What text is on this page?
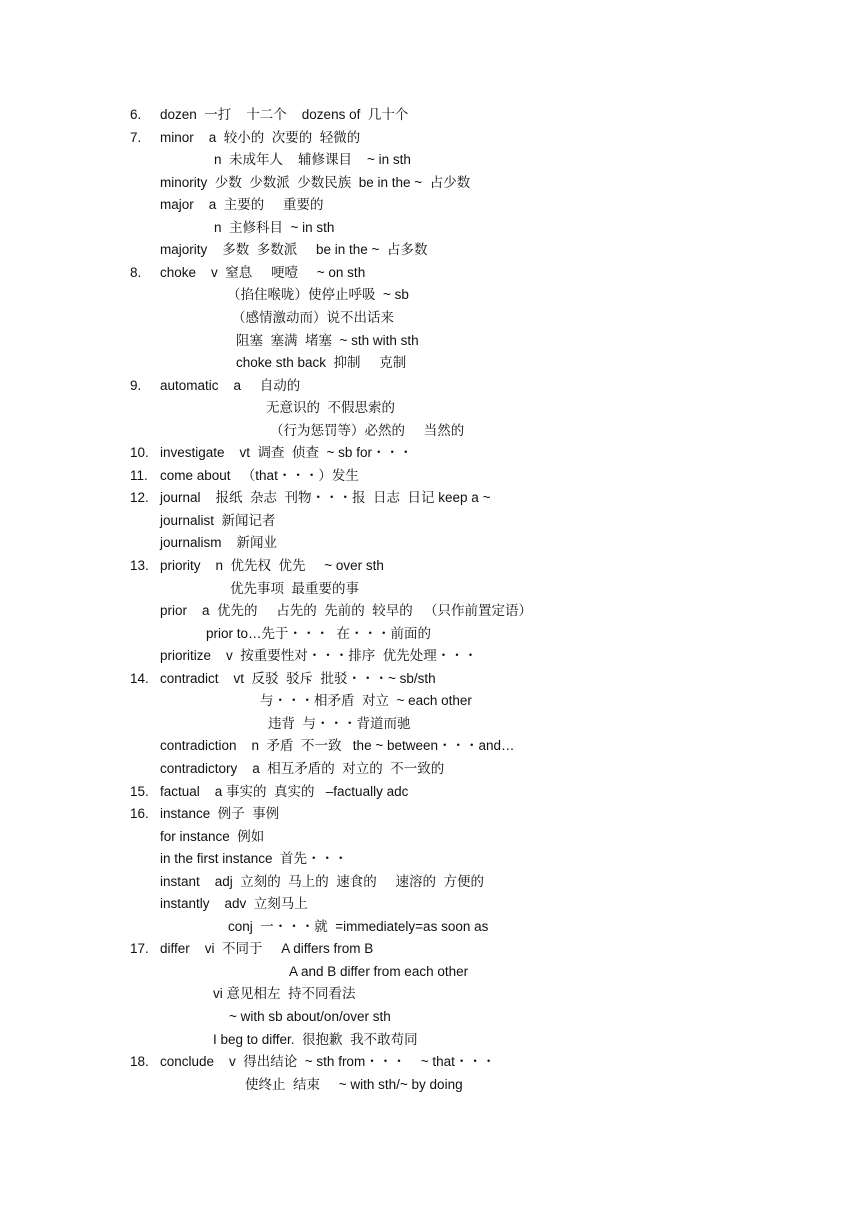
6. dozen  一打    十二个    dozens of  几十个
7. minor    a  较小的  次要的  轻微的
n  未成年人    辅修课目    ~ in sth
minority  少数  少数派  少数民族  be in the ~  占少数
major    a  主要的     重要的
n  主修科目  ~ in sth
majority    多数  多数派     be in the ~  占多数
8. choke    v  窒息     哽噎     ~ on sth
（掐住喉咙）使停止呼吸  ~ sb
（感情激动而）说不出话来
阻塞  塞满  堵塞  ~ sth with sth
choke sth back  抑制     克制
9. automatic    a     自动的
无意识的  不假思索的
（行为惩罚等）必然的     当然的
10. investigate    vt  调查  侦查  ~ sb for・・・
11. come about   （that・・・）发生
12. journal    报纸  杂志  刊物・・・报  日志  日记 keep a ~
journalist  新闻记者
journalism    新闻业
13. priority    n  优先权  优先     ~ over sth
优先事项  最重要的事
prior    a  优先的     占先的  先前的  较早的   （只作前置定语）
prior to…先于・・・  在・・・前面的
prioritize    v  按重要性对・・・排序  优先处理・・・
14. contradict    vt  反驳  驳斥  批驳・・・~ sb/sth
与・・・相矛盾  对立  ~ each other
违背  与・・・背道而驰
contradiction    n  矛盾  不一致   the ~ between・・・and…
contradictory    a  相互矛盾的  对立的  不一致的
15. factual    a 事实的  真实的   –factually adc
16. instance  例子  事例
for instance  例如
in the first instance  首先・・・
instant    adj  立刻的  马上的  速食的     速溶的  方便的
instantly    adv  立刻马上
conj  一・・・就  =immediately=as soon as
17. differ    vi  不同于     A differs from B
A and B differ from each other
vi 意见相左  持不同看法
~ with sb about/on/over sth
I beg to differ.  很抱歉  我不敢苟同
18. conclude    v  得出结论  ~ sth from・・・    ~ that・・・
使终止  结束     ~ with sth/~ by doing
